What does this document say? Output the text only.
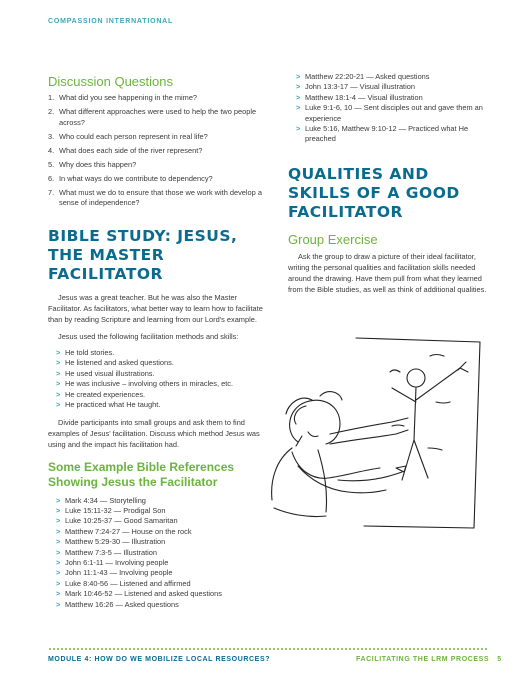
COMPASSION INTERNATIONAL
Discussion Questions
1. What did you see happening in the mime?
2. What different approaches were used to help the two people across?
3. Who could each person represent in real life?
4. What does each side of the river represent?
5. Why does this happen?
6. In what ways do we contribute to dependency?
7. What must we do to ensure that those we work with develop a sense of independence?
BIBLE STUDY: JESUS, THE MASTER FACILITATOR

Jesus was a great teacher. But he was also the Master Facilitator. As facilitators, what better way to learn how to facilitate than by reading Scripture and learning from our Lord's example.

Jesus used the following facilitation methods and skills:

> He told stories.
> He listened and asked questions.
> He used visual illustrations.
> He was inclusive – involving others in miracles, etc.
> He created experiences.
> He practiced what He taught.

Divide participants into small groups and ask them to find examples of Jesus' facilitation. Discuss which method Jesus was using and the impact his facilitation had.

Some Example Bible References Showing Jesus the Facilitator
> Mark 4:34 — Storytelling
> Luke 15:11-32 — Prodigal Son
> Luke 10:25-37 — Good Samaritan
> Matthew 7:24-27 — House on the rock
> Matthew 5:29-30 — Illustration
> Matthew 7:3-5 — Illustration
> John 6:1-11 — Involving people
> John 11:1-43 — Involving people
> Luke 8:40-56 — Listened and affirmed
> Mark 10:46-52 — Listened and asked questions
> Matthew 16:26 — Asked questions
> Matthew 22:20-21 — Asked questions
> John 13:3-17 — Visual illustration
> Matthew 18:1-4 — Visual illustration
> Luke 9:1-6, 10 — Sent disciples out and gave them an experience
> Luke 5:16, Matthew 9:10-12 — Practiced what He preached
QUALITIES AND SKILLS OF A GOOD FACILITATOR
Group Exercise

Ask the group to draw a picture of their ideal facilitator, writing the personal qualities and facilitation skills needed around the drawing. Have them pull from what they learned from the Bible studies, as well as think of additional qualities.

MODULE 4: HOW DO WE MOBILIZE LOCAL RESOURCES?	FACILITATING THE LRM PROCESS 5
